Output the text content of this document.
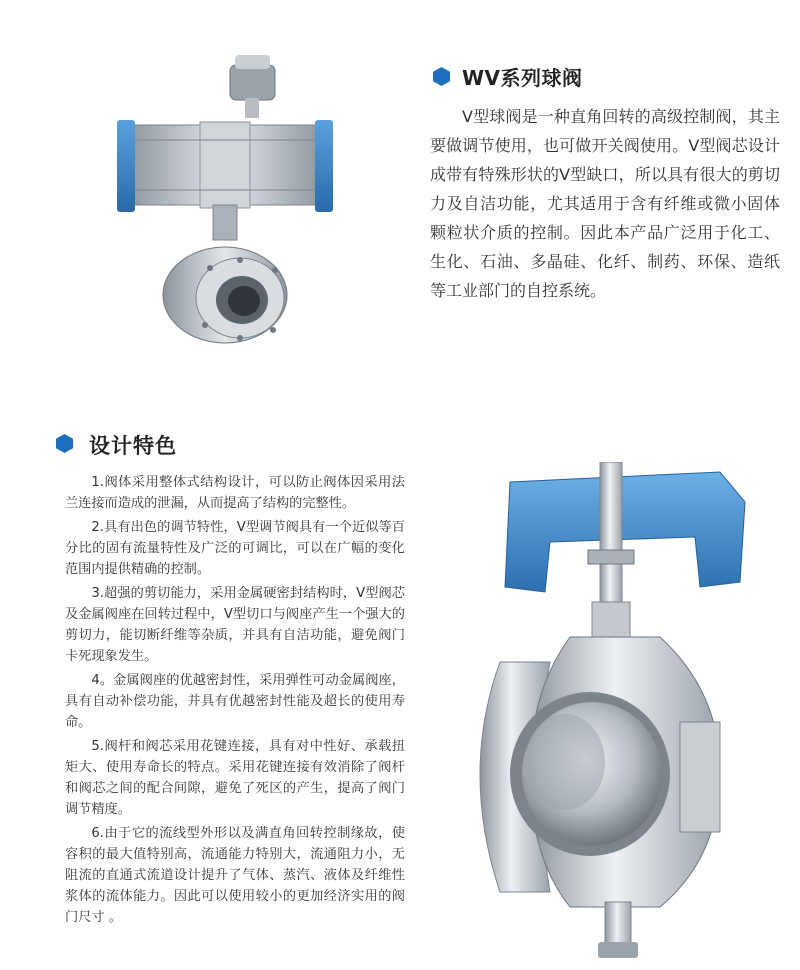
WV系列球阀

V型球阀是一种直角回转的高级控制阀，其主要做调节使用，也可做开关阀使用。V型阀芯设计成带有特殊形状的V型缺口，所以具有很大的剪切力及自洁功能，尤其适用于含有纤维或微小固体颗粒状介质的控制。因此本产品广泛用于化工、生化、石油、多晶硅、化纤、制药、环保、造纸等工业部门的自控系统。

设计特色

1.阀体采用整体式结构设计，可以防止阀体因采用法兰连接而造成的泄漏，从而提高了结构的完整性。

2.具有出色的调节特性，V型调节阀具有一个近似等百分比的固有流量特性及广泛的可调比，可以在广幅的变化范围内提供精确的控制。

3.超强的剪切能力，采用金属硬密封结构时，V型阀芯及金属阀座在回转过程中，V型切口与阀座产生一个强大的剪切力，能切断纤维等杂质，并具有自洁功能，避免阀门卡死现象发生。

4。金属阀座的优越密封性，采用弹性可动金属阀座，具有自动补偿功能，并具有优越密封性能及超长的使用寿命。

5.阀杆和阀芯采用花键连接，具有对中性好、承载扭矩大、使用寿命长的特点。采用花键连接有效消除了阀杆和阀芯之间的配合间隙，避免了死区的产生，提高了阀门调节精度。

6.由于它的流线型外形以及满直角回转控制缘故，使容积的最大值特别高，流通能力特别大，流通阻力小，无阻流的直通式流道设计提升了气体、蒸汽、液体及纤维性浆体的流体能力。因此可以使用较小的更加经济实用的阀门尺寸 。
